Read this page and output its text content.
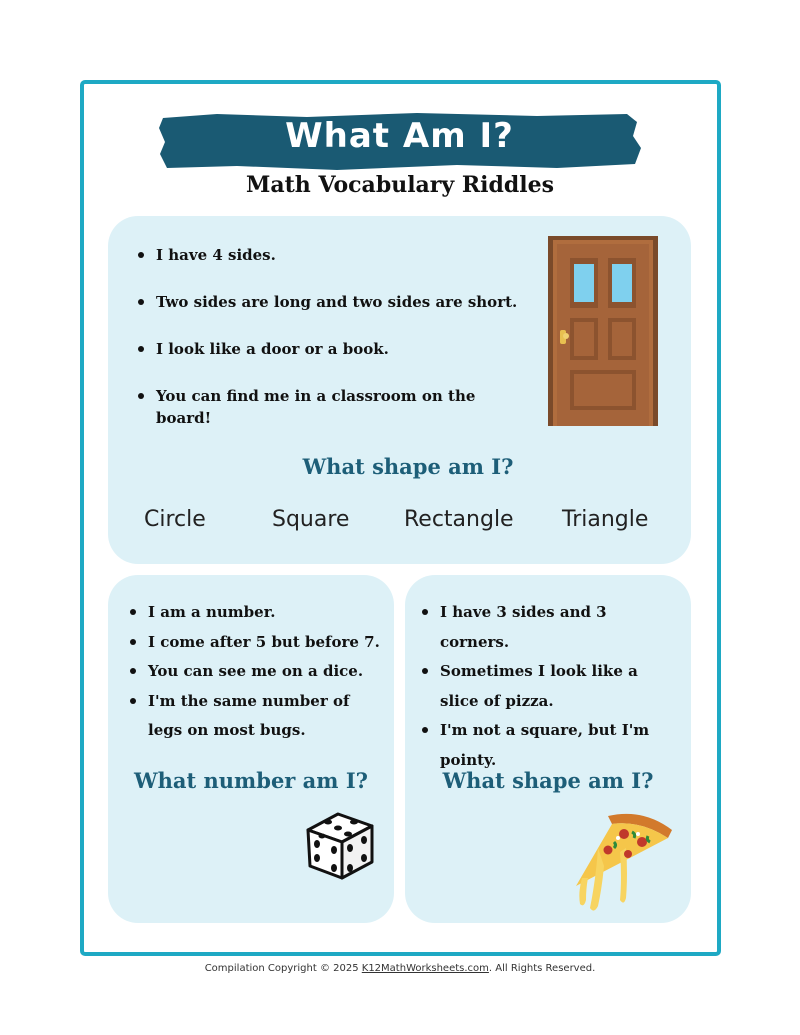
What Am I?
Math Vocabulary Riddles
I have 4 sides.
Two sides are long and two sides are short.
I look like a door or a book.
You can find me in a classroom on the board!
What shape am I?
Circle	Square Rectangle Triangle
I am a number.
I come after 5 but before 7.
You can see me on a dice.
I'm the same number of legs on most bugs.
What number am I?
I have 3 sides and 3 corners.
Sometimes I look like a slice of pizza.
I'm not a square, but I'm pointy.
What shape am I?
Compilation Copyright © 2025 K12MathWorksheets.com. All Rights Reserved.
